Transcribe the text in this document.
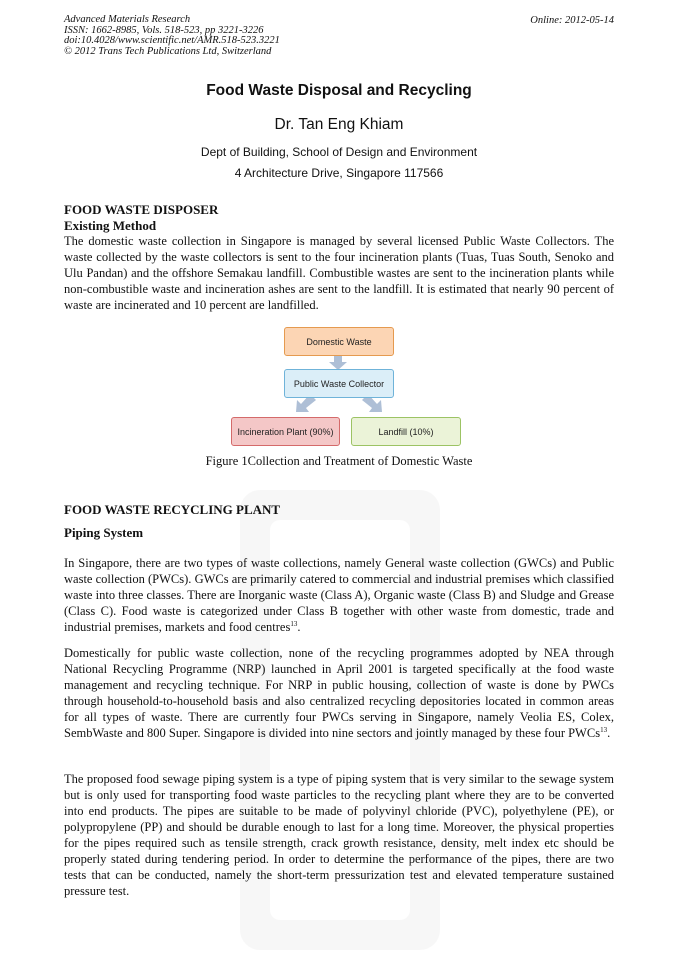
Advanced Materials Research
ISSN: 1662-8985, Vols. 518-523, pp 3221-3226
doi:10.4028/www.scientific.net/AMR.518-523.3221
© 2012 Trans Tech Publications Ltd, Switzerland
Online: 2012-05-14
Food Waste Disposal and Recycling
Dr. Tan Eng Khiam
Dept of Building, School of Design and Environment
4 Architecture Drive, Singapore 117566
FOOD WASTE DISPOSER
Existing Method

The domestic waste collection in Singapore is managed by several licensed Public Waste Collectors. The waste collected by the waste collectors is sent to the four incineration plants (Tuas, Tuas South, Senoko and Ulu Pandan) and the offshore Semakau landfill. Combustible wastes are sent to the incineration plants while non-combustible waste and incineration ashes are sent to the landfill. It is estimated that nearly 90 percent of waste are incinerated and 10 percent are landfilled.

Domestic Waste
Public Waste Collector
Incineration Plant (90%)	Landfill (10%)
Figure 1Collection and Treatment of Domestic Waste
FOOD WASTE RECYCLING PLANT
Piping System

In Singapore, there are two types of waste collections, namely General waste collection (GWCs) and Public waste collection (PWCs). GWCs are primarily catered to commercial and industrial premises which classified waste into three classes. There are Inorganic waste (Class A), Organic waste (Class B) and Sludge and Grease (Class C). Food waste is categorized under Class B together with other waste from domestic, trade and industrial premises, markets and food centres$^{13}$.

Domestically for public waste collection, none of the recycling programmes adopted by NEA through National Recycling Programme (NRP) launched in April 2001 is targeted specifically at the food waste management and recycling technique. For NRP in public housing, collection of waste is done by PWCs through household-to-household basis and also centralized recycling depositories located in common areas for all types of waste. There are currently four PWCs serving in Singapore, namely Veolia ES, Colex, SembWaste and 800 Super. Singapore is divided into nine sectors and jointly managed by these four PWCs$^{13}$.

The proposed food sewage piping system is a type of piping system that is very similar to the sewage system but is only used for transporting food waste particles to the recycling plant where they are to be converted into end products. The pipes are suitable to be made of polyvinyl chloride (PVC), polyethylene (PE), or polypropylene (PP) and should be durable enough to last for a long time. Moreover, the physical properties for the pipes required such as tensile strength, crack growth resistance, density, melt index etc should be properly stated during tendering period. In order to determine the performance of the pipes, there are two tests that can be conducted, namely the short-term pressurization test and elevated temperature sustained pressure test.
